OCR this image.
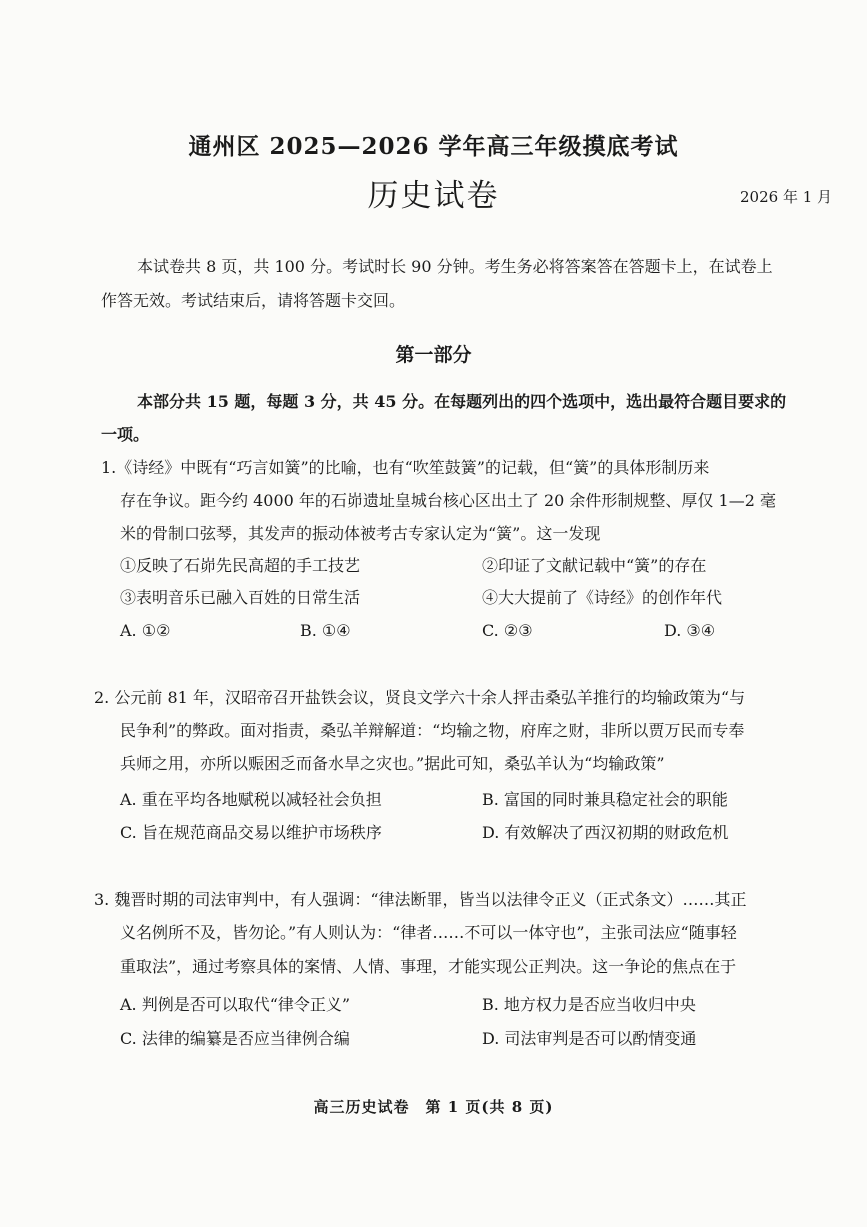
通州区 2025—2026 学年高三年级摸底考试
历史试卷	2026 年 1 月
本试卷共 8 页，共 100 分。考试时长 90 分钟。考生务必将答案答在答题卡上，在试卷上
作答无效。考试结束后，请将答题卡交回。
第一部分
本部分共 15 题，每题 3 分，共 45 分。在每题列出的四个选项中，选出最符合题目要求的
一项。
1.《诗经》中既有“巧言如簧”的比喻，也有“吹笙鼓簧”的记载，但“簧”的具体形制历来
存在争议。距今约 4000 年的石峁遗址皇城台核心区出土了 20 余件形制规整、厚仅 1—2 毫
米的骨制口弦琴，其发声的振动体被考古专家认定为“簧”。这一发现
①反映了石峁先民高超的手工技艺	②印证了文献记载中“簧”的存在
③表明音乐已融入百姓的日常生活	④大大提前了《诗经》的创作年代
A. ①②	B. ①④	C. ②③	D. ③④
2. 公元前 81 年，汉昭帝召开盐铁会议，贤良文学六十余人抨击桑弘羊推行的均输政策为“与
民争利”的弊政。面对指责，桑弘羊辩解道：“均输之物，府库之财，非所以贾万民而专奉
兵师之用，亦所以赈困乏而备水旱之灾也。”据此可知，桑弘羊认为“均输政策”
A. 重在平均各地赋税以减轻社会负担	B. 富国的同时兼具稳定社会的职能
C. 旨在规范商品交易以维护市场秩序	D. 有效解决了西汉初期的财政危机
3. 魏晋时期的司法审判中，有人强调：“律法断罪，皆当以法律令正义（正式条文）……其正
义名例所不及，皆勿论。”有人则认为：“律者……不可以一体守也”，主张司法应“随事轻
重取法”，通过考察具体的案情、人情、事理，才能实现公正判决。这一争论的焦点在于
A. 判例是否可以取代“律令正义”	B. 地方权力是否应当收归中央
C. 法律的编纂是否应当律例合编	D. 司法审判是否可以酌情变通
高三历史试卷　第 1 页(共 8 页)
